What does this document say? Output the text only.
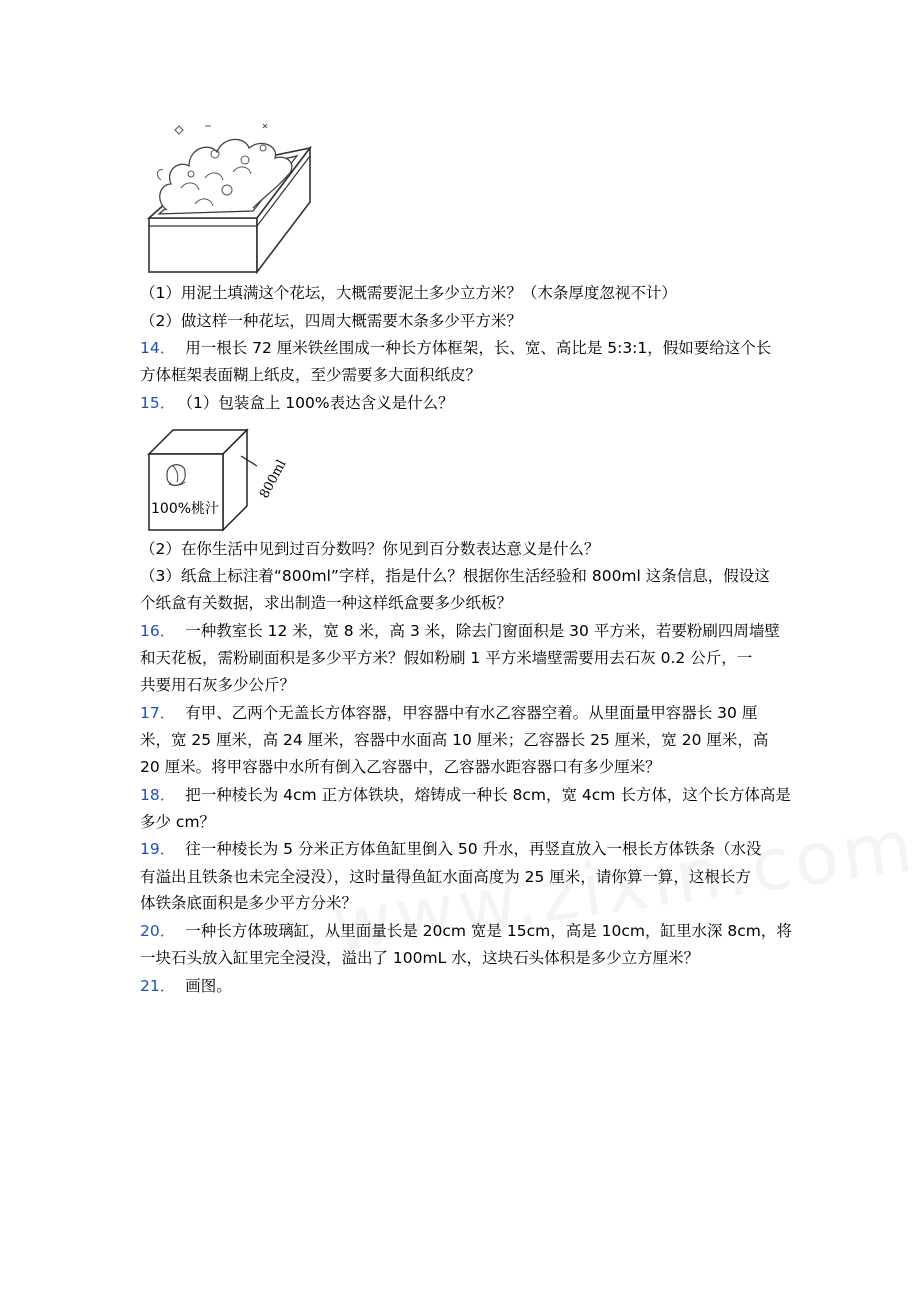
100%桃汁
800ml
（1）用泥土填满这个花坛，大概需要泥土多少立方米？（木条厚度忽视不计）
（2）做这样一种花坛，四周大概需要木条多少平方米？
14． 用一根长 72 厘米铁丝围成一种长方体框架，长、宽、高比是 5:3:1，假如要给这个长
方体框架表面糊上纸皮，至少需要多大面积纸皮？
15． （1）包装盒上 100%表达含义是什么？
（2）在你生活中见到过百分数吗？你见到百分数表达意义是什么？
（3）纸盒上标注着“800ml”字样，指是什么？根据你生活经验和 800ml 这条信息，假设这
个纸盒有关数据，求出制造一种这样纸盒要多少纸板？
16． 一种教室长 12 米，宽 8 米，高 3 米，除去门窗面积是 30 平方米，若要粉刷四周墙壁
和天花板，需粉刷面积是多少平方米？假如粉刷 1 平方米墙壁需要用去石灰 0.2 公斤，一
共要用石灰多少公斤？
17． 有甲、乙两个无盖长方体容器，甲容器中有水乙容器空着。从里面量甲容器长 30 厘
米，宽 25 厘米，高 24 厘米，容器中水面高 10 厘米；乙容器长 25 厘米，宽 20 厘米，高
20 厘米。将甲容器中水所有倒入乙容器中，乙容器水距容器口有多少厘米？
18． 把一种棱长为 4cm 正方体铁块，熔铸成一种长 8cm，宽 4cm 长方体，这个长方体高是
多少 cm？
19． 往一种棱长为 5 分米正方体鱼缸里倒入 50 升水，再竖直放入一根长方体铁条（水没
有溢出且铁条也未完全浸没），这时量得鱼缸水面高度为 25 厘米，请你算一算，这根长方
体铁条底面积是多少平方分米？
20． 一种长方体玻璃缸，从里面量长是 20cm 宽是 15cm，高是 10cm，缸里水深 8cm，将
一块石头放入缸里完全浸没，溢出了 100mL 水，这块石头体积是多少立方厘米？
21． 画图。
